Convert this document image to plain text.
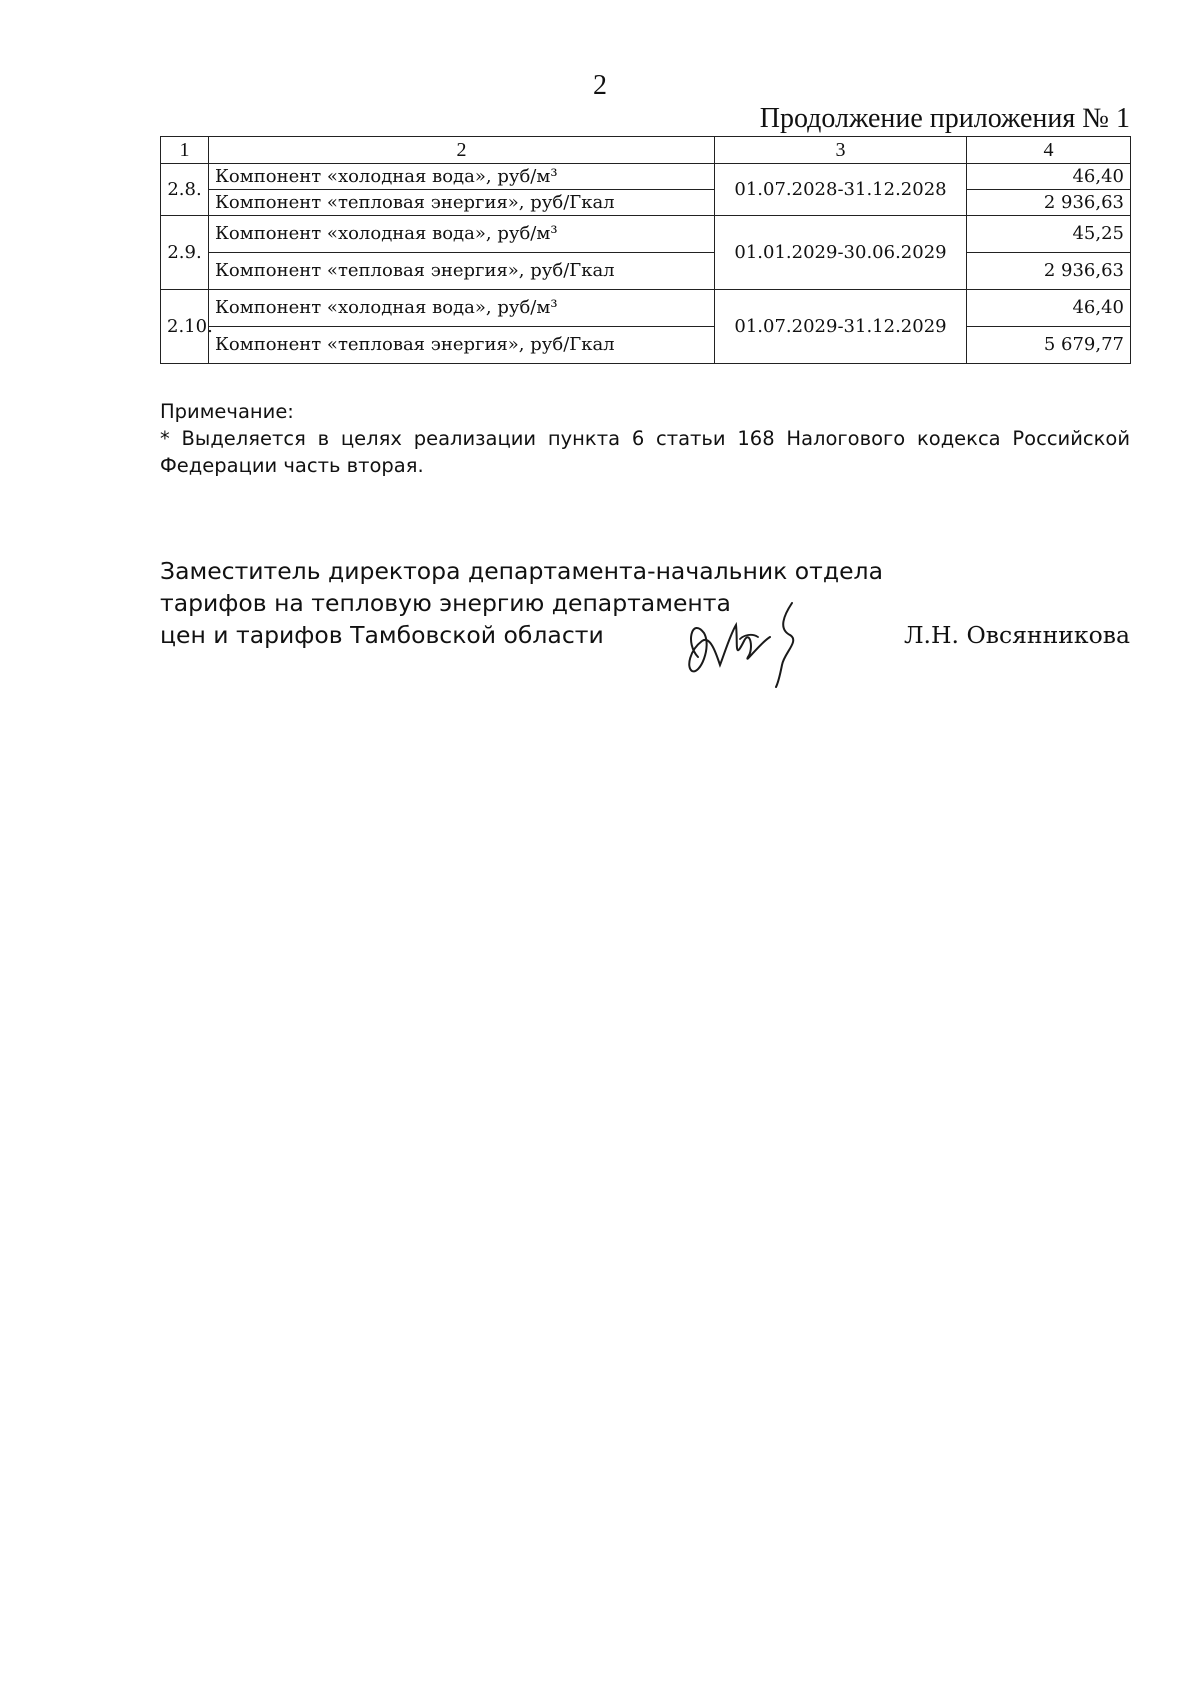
2
Продолжение приложения № 1
1	2	3	4
2.8.	Компонент «холодная вода», руб/м³	01.07.2028-31.12.2028	46,40
	Компонент «тепловая энергия», руб/Гкал		2 936,63
2.9.	Компонент «холодная вода», руб/м³	01.01.2029-30.06.2029	45,25
	Компонент «тепловая энергия», руб/Гкал		2 936,63
2.10.	Компонент «холодная вода», руб/м³	01.07.2029-31.12.2029	46,40
	Компонент «тепловая энергия», руб/Гкал		5 679,77

Примечание:

* Выделяется в целях реализации пункта 6 статьи 168 Налогового кодекса Российской Федерации часть вторая.

Заместитель директора департамента-начальник отдела
тарифов на тепловую энергию департамента
цен и тарифов Тамбовской области	Л.Н. Овсянникова
